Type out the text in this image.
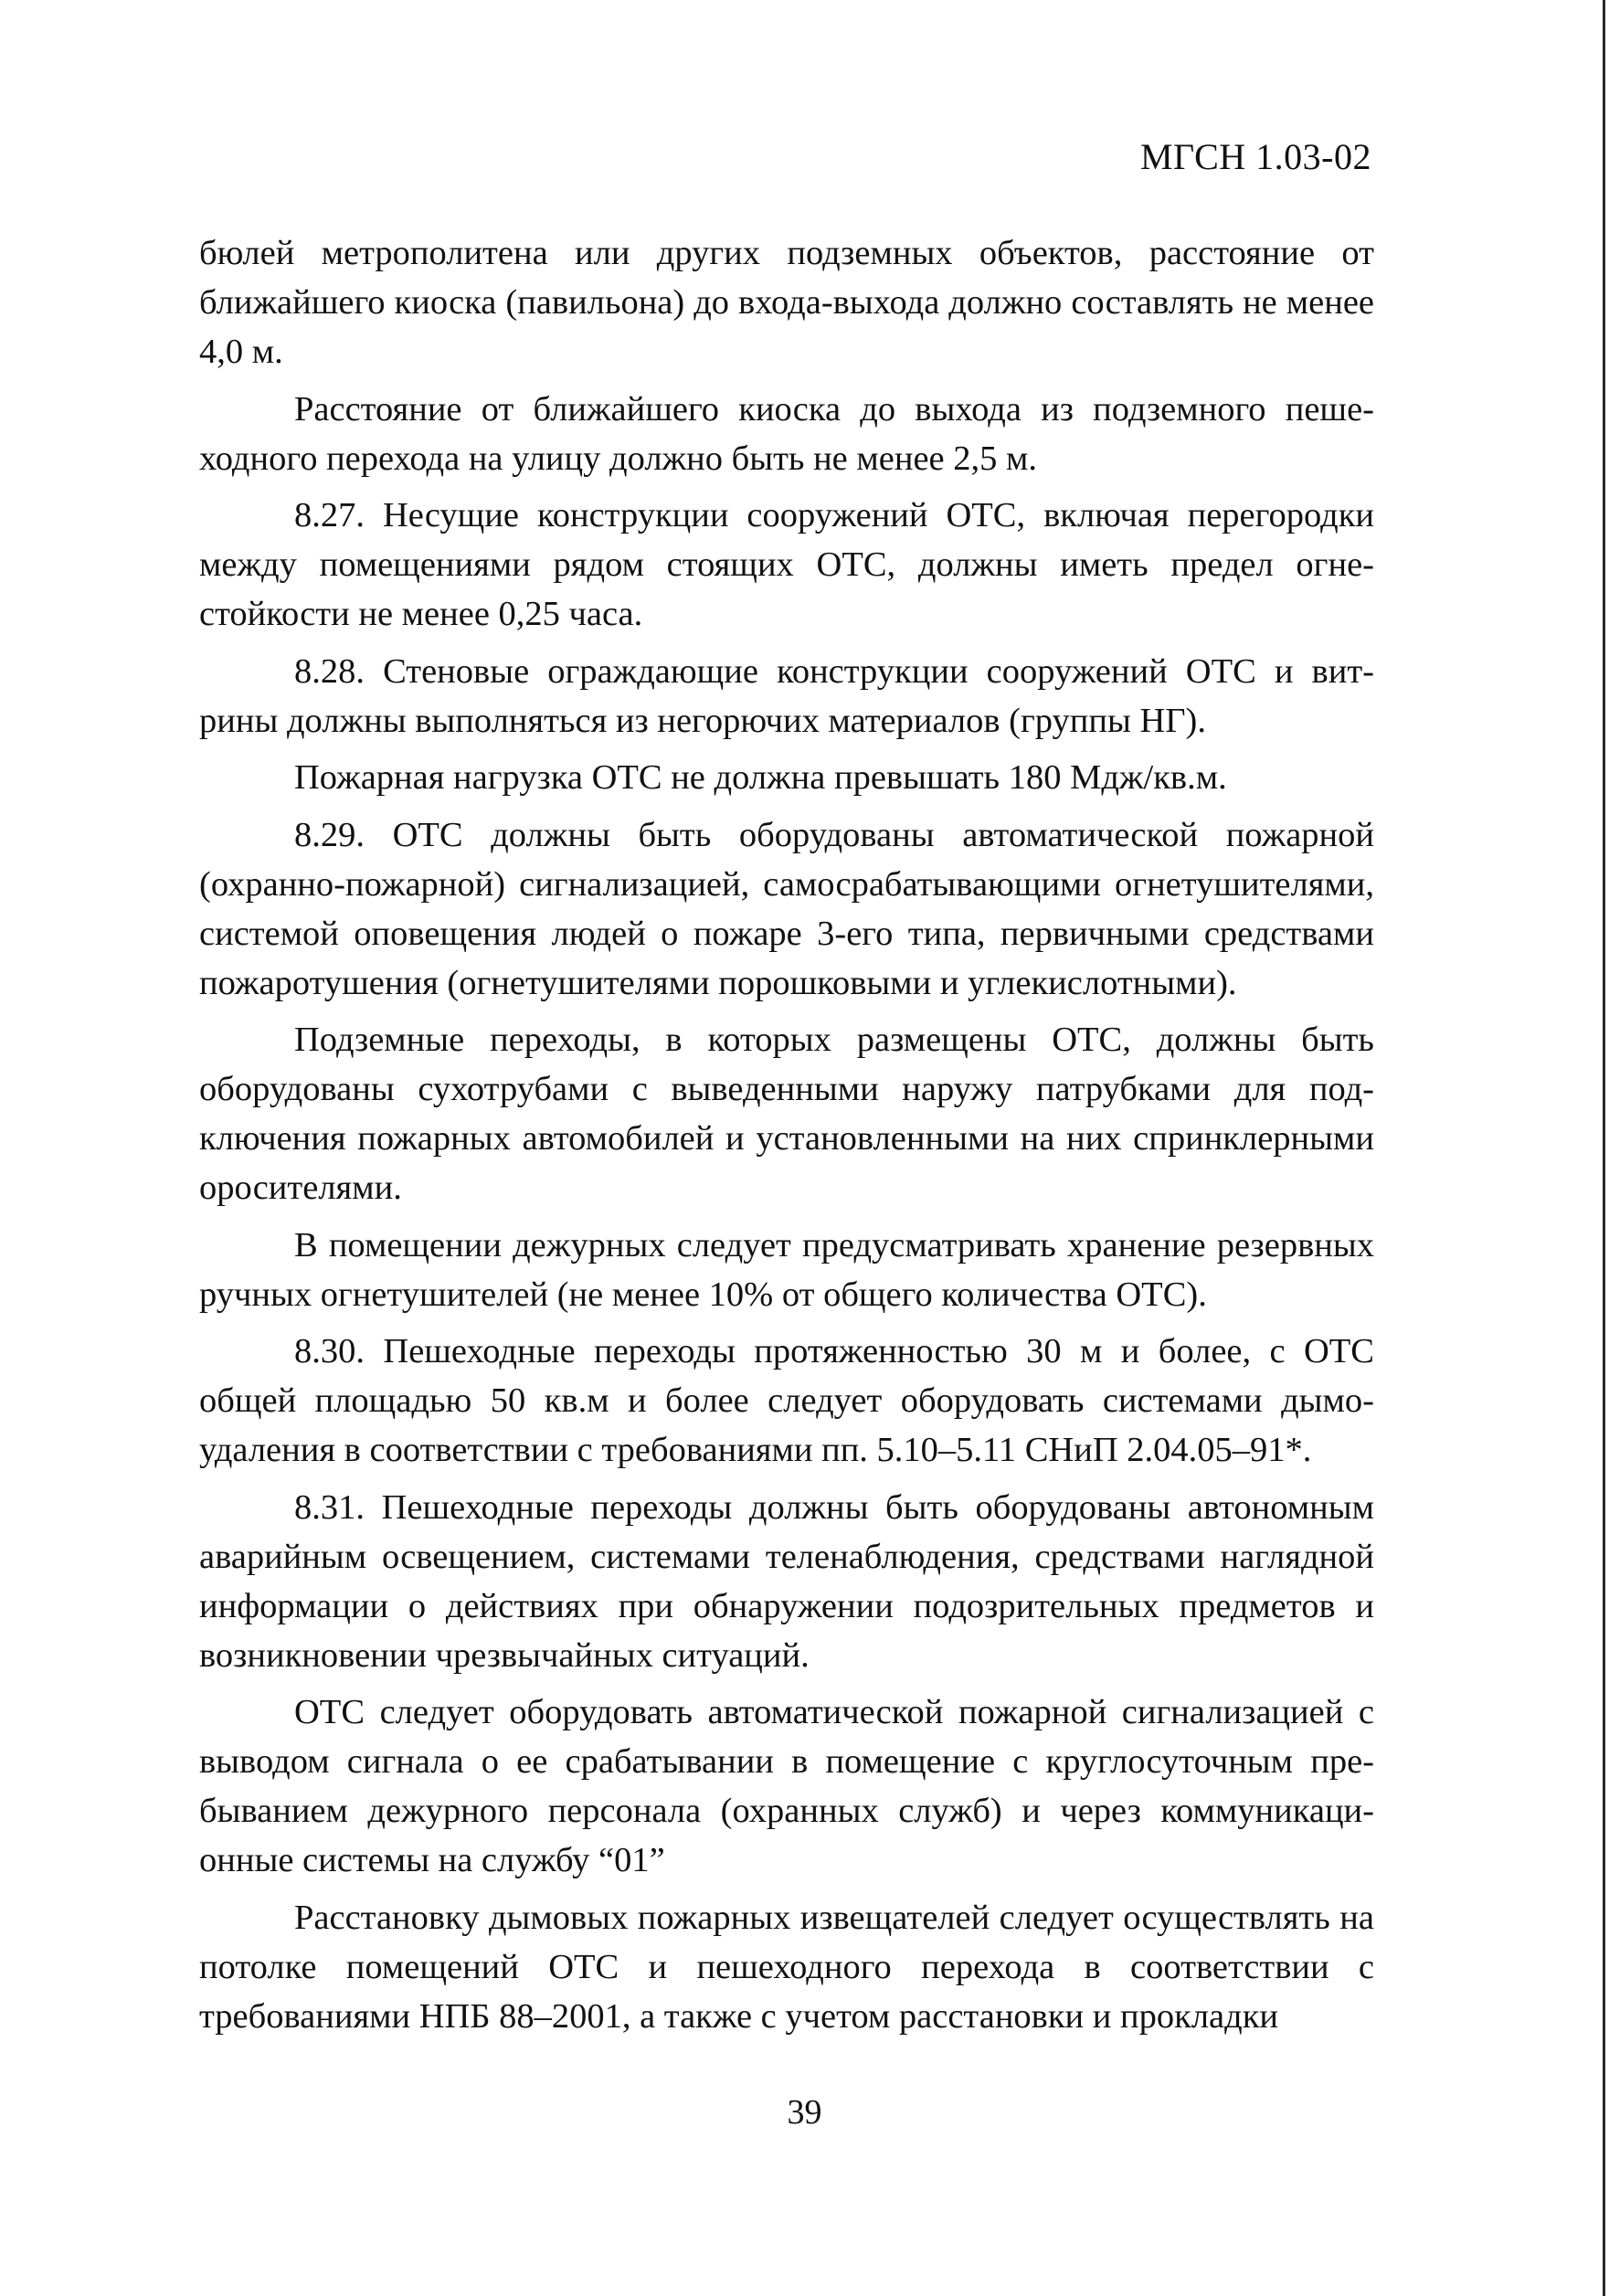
МГСН 1.03-02

бюлей метрополитена или других подземных объектов, расстояние от ближайшего киоска (павильона) до входа-выхода должно составлять не менее 4,0 м.

Расстояние от ближайшего киоска до выхода из подземного пешеходного перехода на улицу должно быть не менее 2,5 м.

8.27. Несущие конструкции сооружений ОТС, включая перегородки между помещениями рядом стоящих ОТС, должны иметь предел огнестойкости не менее 0,25 часа.

8.28. Стеновые ограждающие конструкции сооружений ОТС и витрины должны выполняться из негорючих материалов (группы НГ).

Пожарная нагрузка ОТС не должна превышать 180 Мдж/кв.м.

8.29. ОТС должны быть оборудованы автоматической пожарной (охранно-пожарной) сигнализацией, самосрабатывающими огнетушителями, системой оповещения людей о пожаре 3-его типа, первичными средствами пожаротушения (огнетушителями порошковыми и углекислотными).

Подземные переходы, в которых размещены ОТС, должны быть оборудованы сухотрубами с выведенными наружу патрубками для подключения пожарных автомобилей и установленными на них спринклерными оросителями.

В помещении дежурных следует предусматривать хранение резервных ручных огнетушителей (не менее 10% от общего количества ОТС).

8.30. Пешеходные переходы протяженностью 30 м и более, с ОТС общей площадью 50 кв.м и более следует оборудовать системами дымоудаления в соответствии с требованиями пп. 5.10–5.11 СНиП 2.04.05–91*.

8.31. Пешеходные переходы должны быть оборудованы автономным аварийным освещением, системами теленаблюдения, средствами наглядной информации о действиях при обнаружении подозрительных предметов и возникновении чрезвычайных ситуаций.

ОТС следует оборудовать автоматической пожарной сигнализацией с выводом сигнала о ее срабатывании в помещение с круглосуточным пребыванием дежурного персонала (охранных служб) и через коммуникационные системы на службу “01”

Расстановку дымовых пожарных извещателей следует осуществлять на потолке помещений ОТС и пешеходного перехода в соответствии с требованиями НПБ 88–2001, а также с учетом расстановки и прокладки

39
